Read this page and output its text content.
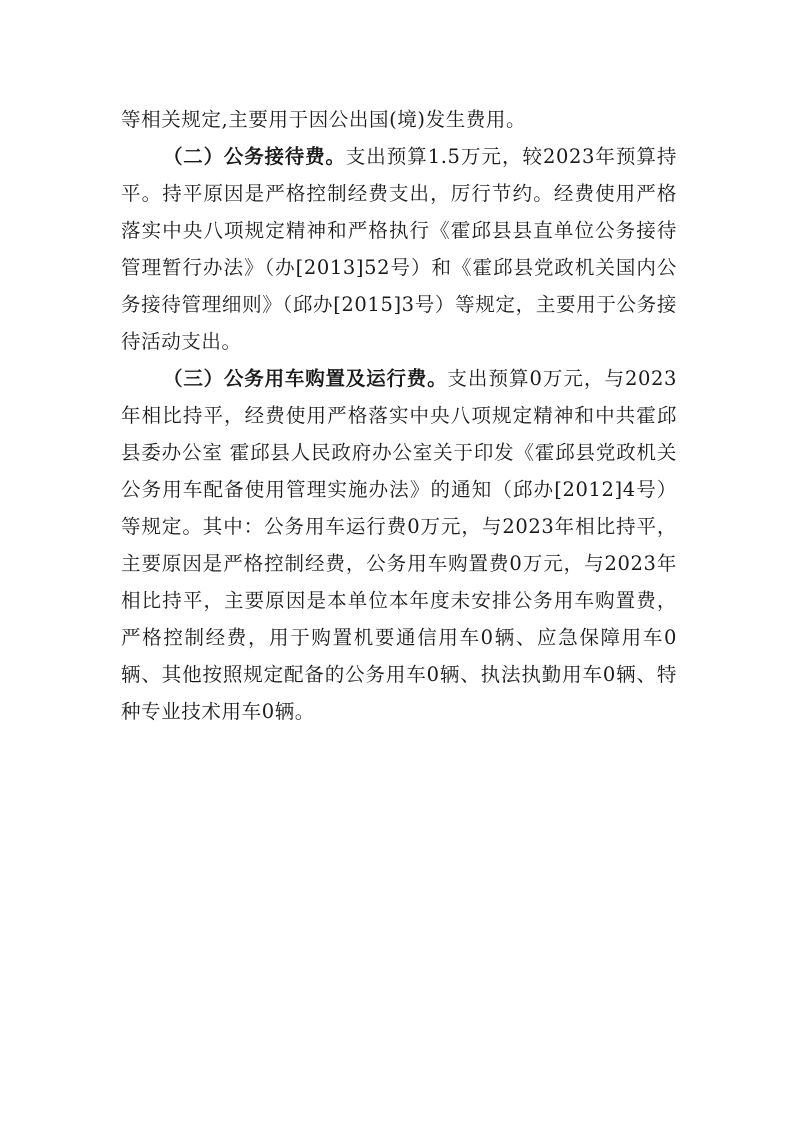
等相关规定,主要用于因公出国(境)发生费用。

（二）公务接待费。支出预算1.5万元，较2023年预算持平。持平原因是严格控制经费支出，厉行节约。经费使用严格落实中央八项规定精神和严格执行《霍邱县县直单位公务接待管理暂行办法》（办[2013]52号）和《霍邱县党政机关国内公务接待管理细则》（邱办[2015]3号）等规定，主要用于公务接待活动支出。

（三）公务用车购置及运行费。支出预算0万元，与2023年相比持平，经费使用严格落实中央八项规定精神和中共霍邱县委办公室 霍邱县人民政府办公室关于印发《霍邱县党政机关公务用车配备使用管理实施办法》的通知（邱办[2012]4号）等规定。其中：公务用车运行费0万元，与2023年相比持平，主要原因是严格控制经费，公务用车购置费0万元，与2023年相比持平，主要原因是本单位本年度未安排公务用车购置费，严格控制经费，用于购置机要通信用车0辆、应急保障用车0辆、其他按照规定配备的公务用车0辆、执法执勤用车0辆、特种专业技术用车0辆。
